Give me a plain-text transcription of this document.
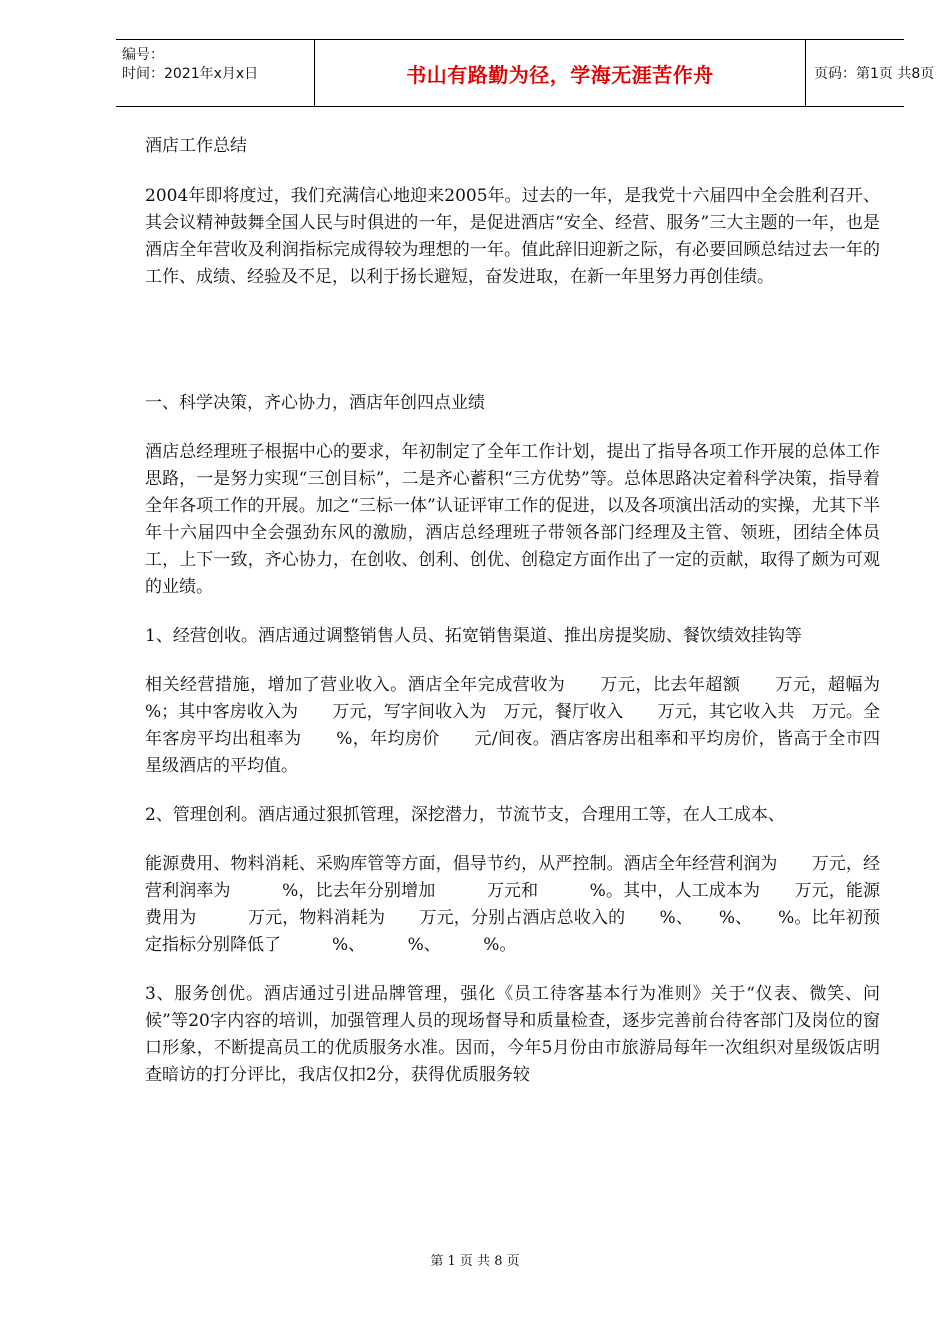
编号：
时间：2021年x月x日	书山有路勤为径，学海无涯苦作舟	页码：第1页 共8页

酒店工作总结

2004年即将度过，我们充满信心地迎来2005年。过去的一年，是我党十六届四中全会胜利召开、其会议精神鼓舞全国人民与时俱进的一年，是促进酒店“安全、经营、服务”三大主题的一年，也是酒店全年营收及利润指标完成得较为理想的一年。值此辞旧迎新之际，有必要回顾总结过去一年的工作、成绩、经验及不足，以利于扬长避短，奋发进取，在新一年里努力再创佳绩。

一、科学决策，齐心协力，酒店年创四点业绩

酒店总经理班子根据中心的要求，年初制定了全年工作计划，提出了指导各项工作开展的总体工作思路，一是努力实现“三创目标”，二是齐心蓄积“三方优势”等。总体思路决定着科学决策，指导着全年各项工作的开展。加之“三标一体”认证评审工作的促进，以及各项演出活动的实操，尤其下半年十六届四中全会强劲东风的激励，酒店总经理班子带领各部门经理及主管、领班，团结全体员工，上下一致，齐心协力，在创收、创利、创优、创稳定方面作出了一定的贡献，取得了颇为可观的业绩。

1、经营创收。酒店通过调整销售人员、拓宽销售渠道、推出房提奖励、餐饮绩效挂钩等

相关经营措施，增加了营业收入。酒店全年完成营收为　　万元，比去年超额　　万元，超幅为　%；其中客房收入为　　万元，写字间收入为　万元，餐厅收入　　万元，其它收入共　万元。全年客房平均出租率为　　%，年均房价　　元/间夜。酒店客房出租率和平均房价，皆高于全市四星级酒店的平均值。

2、管理创利。酒店通过狠抓管理，深挖潜力，节流节支，合理用工等，在人工成本、

能源费用、物料消耗、采购库管等方面，倡导节约，从严控制。酒店全年经营利润为　　万元，经营利润率为　　　%，比去年分别增加　　　万元和　　　%。其中，人工成本为　　万元，能源费用为　　　万元，物料消耗为　　万元，分别占酒店总收入的　　%、　　%、　　%。比年初预定指标分别降低了　　　%、　　　%、　　　%。

3、服务创优。酒店通过引进品牌管理，强化《员工待客基本行为准则》关于“仪表、微笑、问候”等20字内容的培训，加强管理人员的现场督导和质量检查，逐步完善前台待客部门及岗位的窗口形象，不断提高员工的优质服务水准。因而，今年5月份由市旅游局每年一次组织对星级饭店明查暗访的打分评比，我店仅扣2分，获得优质服务较

第 1 页 共 8 页
